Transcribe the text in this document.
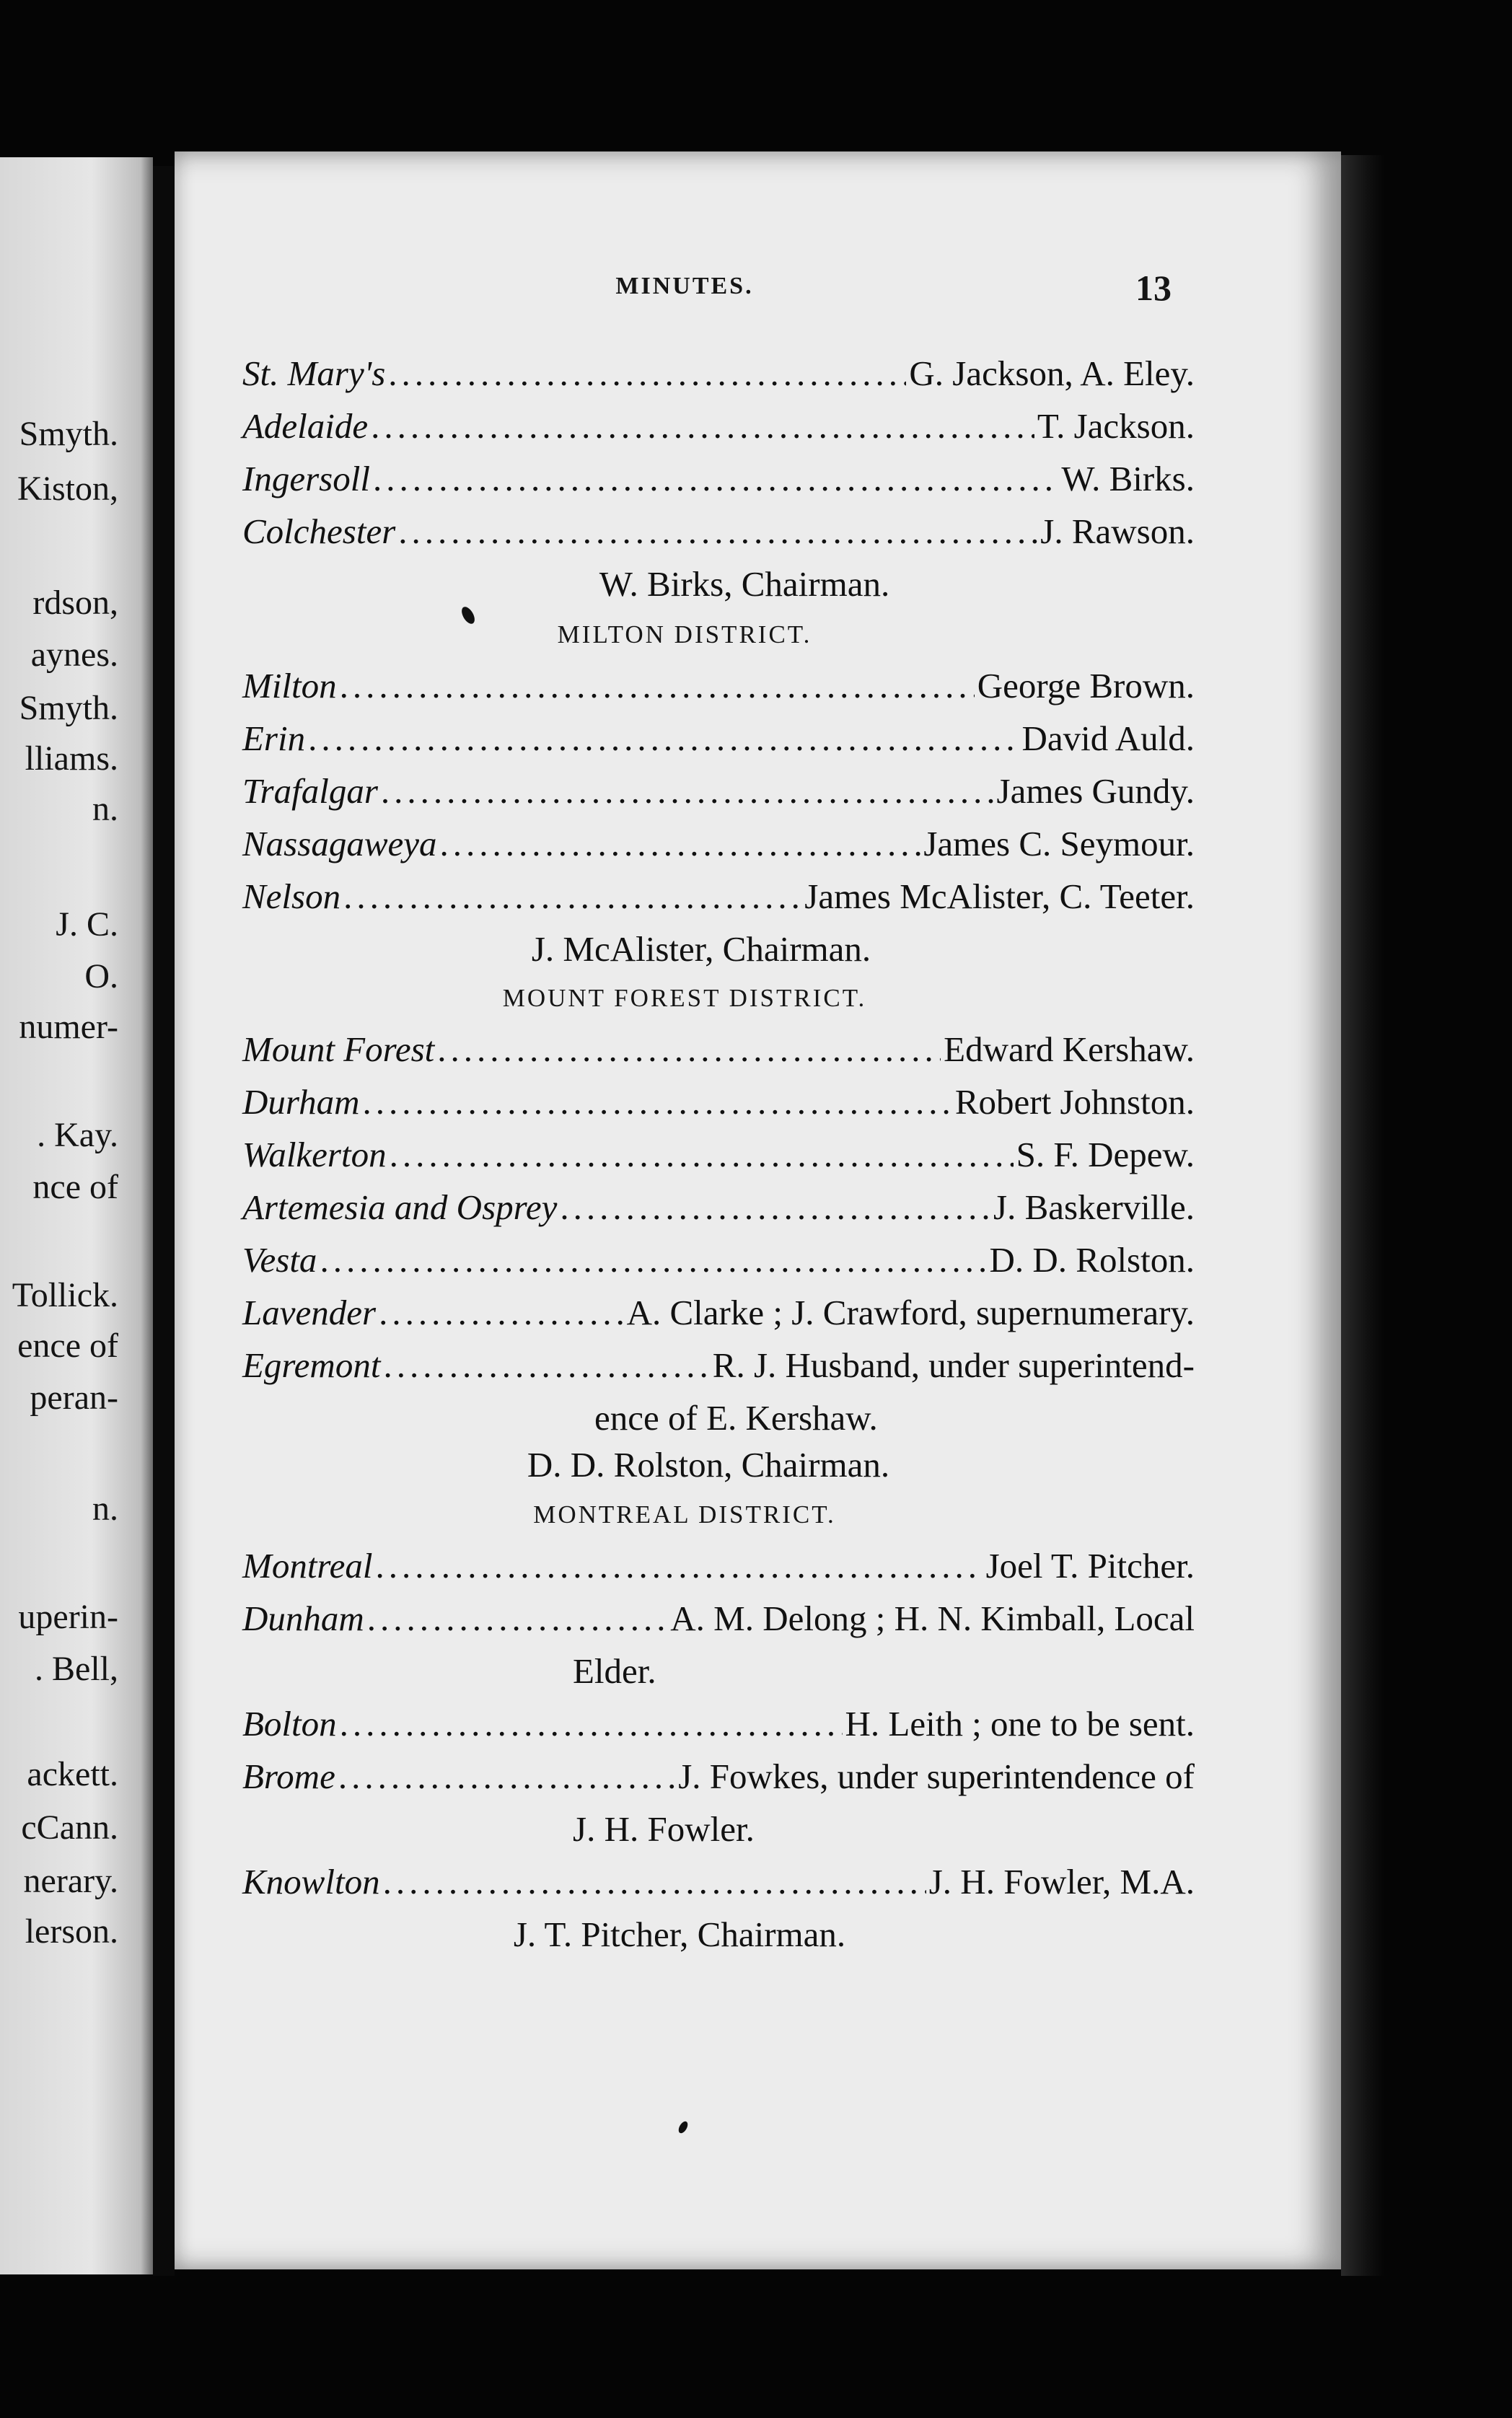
Smyth.
Kiston,
rdson,
aynes.
Smyth.
lliams.
n.
J. C.
O.
numer-
. Kay.
nce of
Tollick.
ence of
peran-
n.
uperin-
. Bell,
ackett.
cCann.
nerary.
lerson.
MINUTES.	13
St. Mary's .....	G. Jackson, A. Eley.
Adelaide .....	T. Jackson.
Ingersoll .....	W. Birks.
Colchester .....	J. Rawson.
W. Birks, Chairman.
MILTON DISTRICT.
Milton .....	George Brown.
Erin .....	David Auld.
Trafalgar .....	James Gundy.
Nassagaweya .....	James C. Seymour.
Nelson .....	James McAlister, C. Teeter.
J. McAlister, Chairman.
MOUNT FOREST DISTRICT.
Mount Forest .....	Edward Kershaw.
Durham .....	Robert Johnston.
Walkerton .....	S. F. Depew.
Artemesia and Osprey .....	J. Baskerville.
Vesta .....	D. D. Rolston.
Lavender .....	A. Clarke ; J. Crawford, supernumerary.
Egremont .....	R. J. Husband, under superintend-
ence of E. Kershaw.
D. D. Rolston, Chairman.
MONTREAL DISTRICT.
Montreal .....	Joel T. Pitcher.
Dunham .....	A. M. Delong ; H. N. Kimball, Local
Elder.
Bolton .....	H. Leith ; one to be sent.
Brome .....	J. Fowkes, under superintendence of
J. H. Fowler.
Knowlton .....	J. H. Fowler, M.A.
J. T. Pitcher, Chairman.
